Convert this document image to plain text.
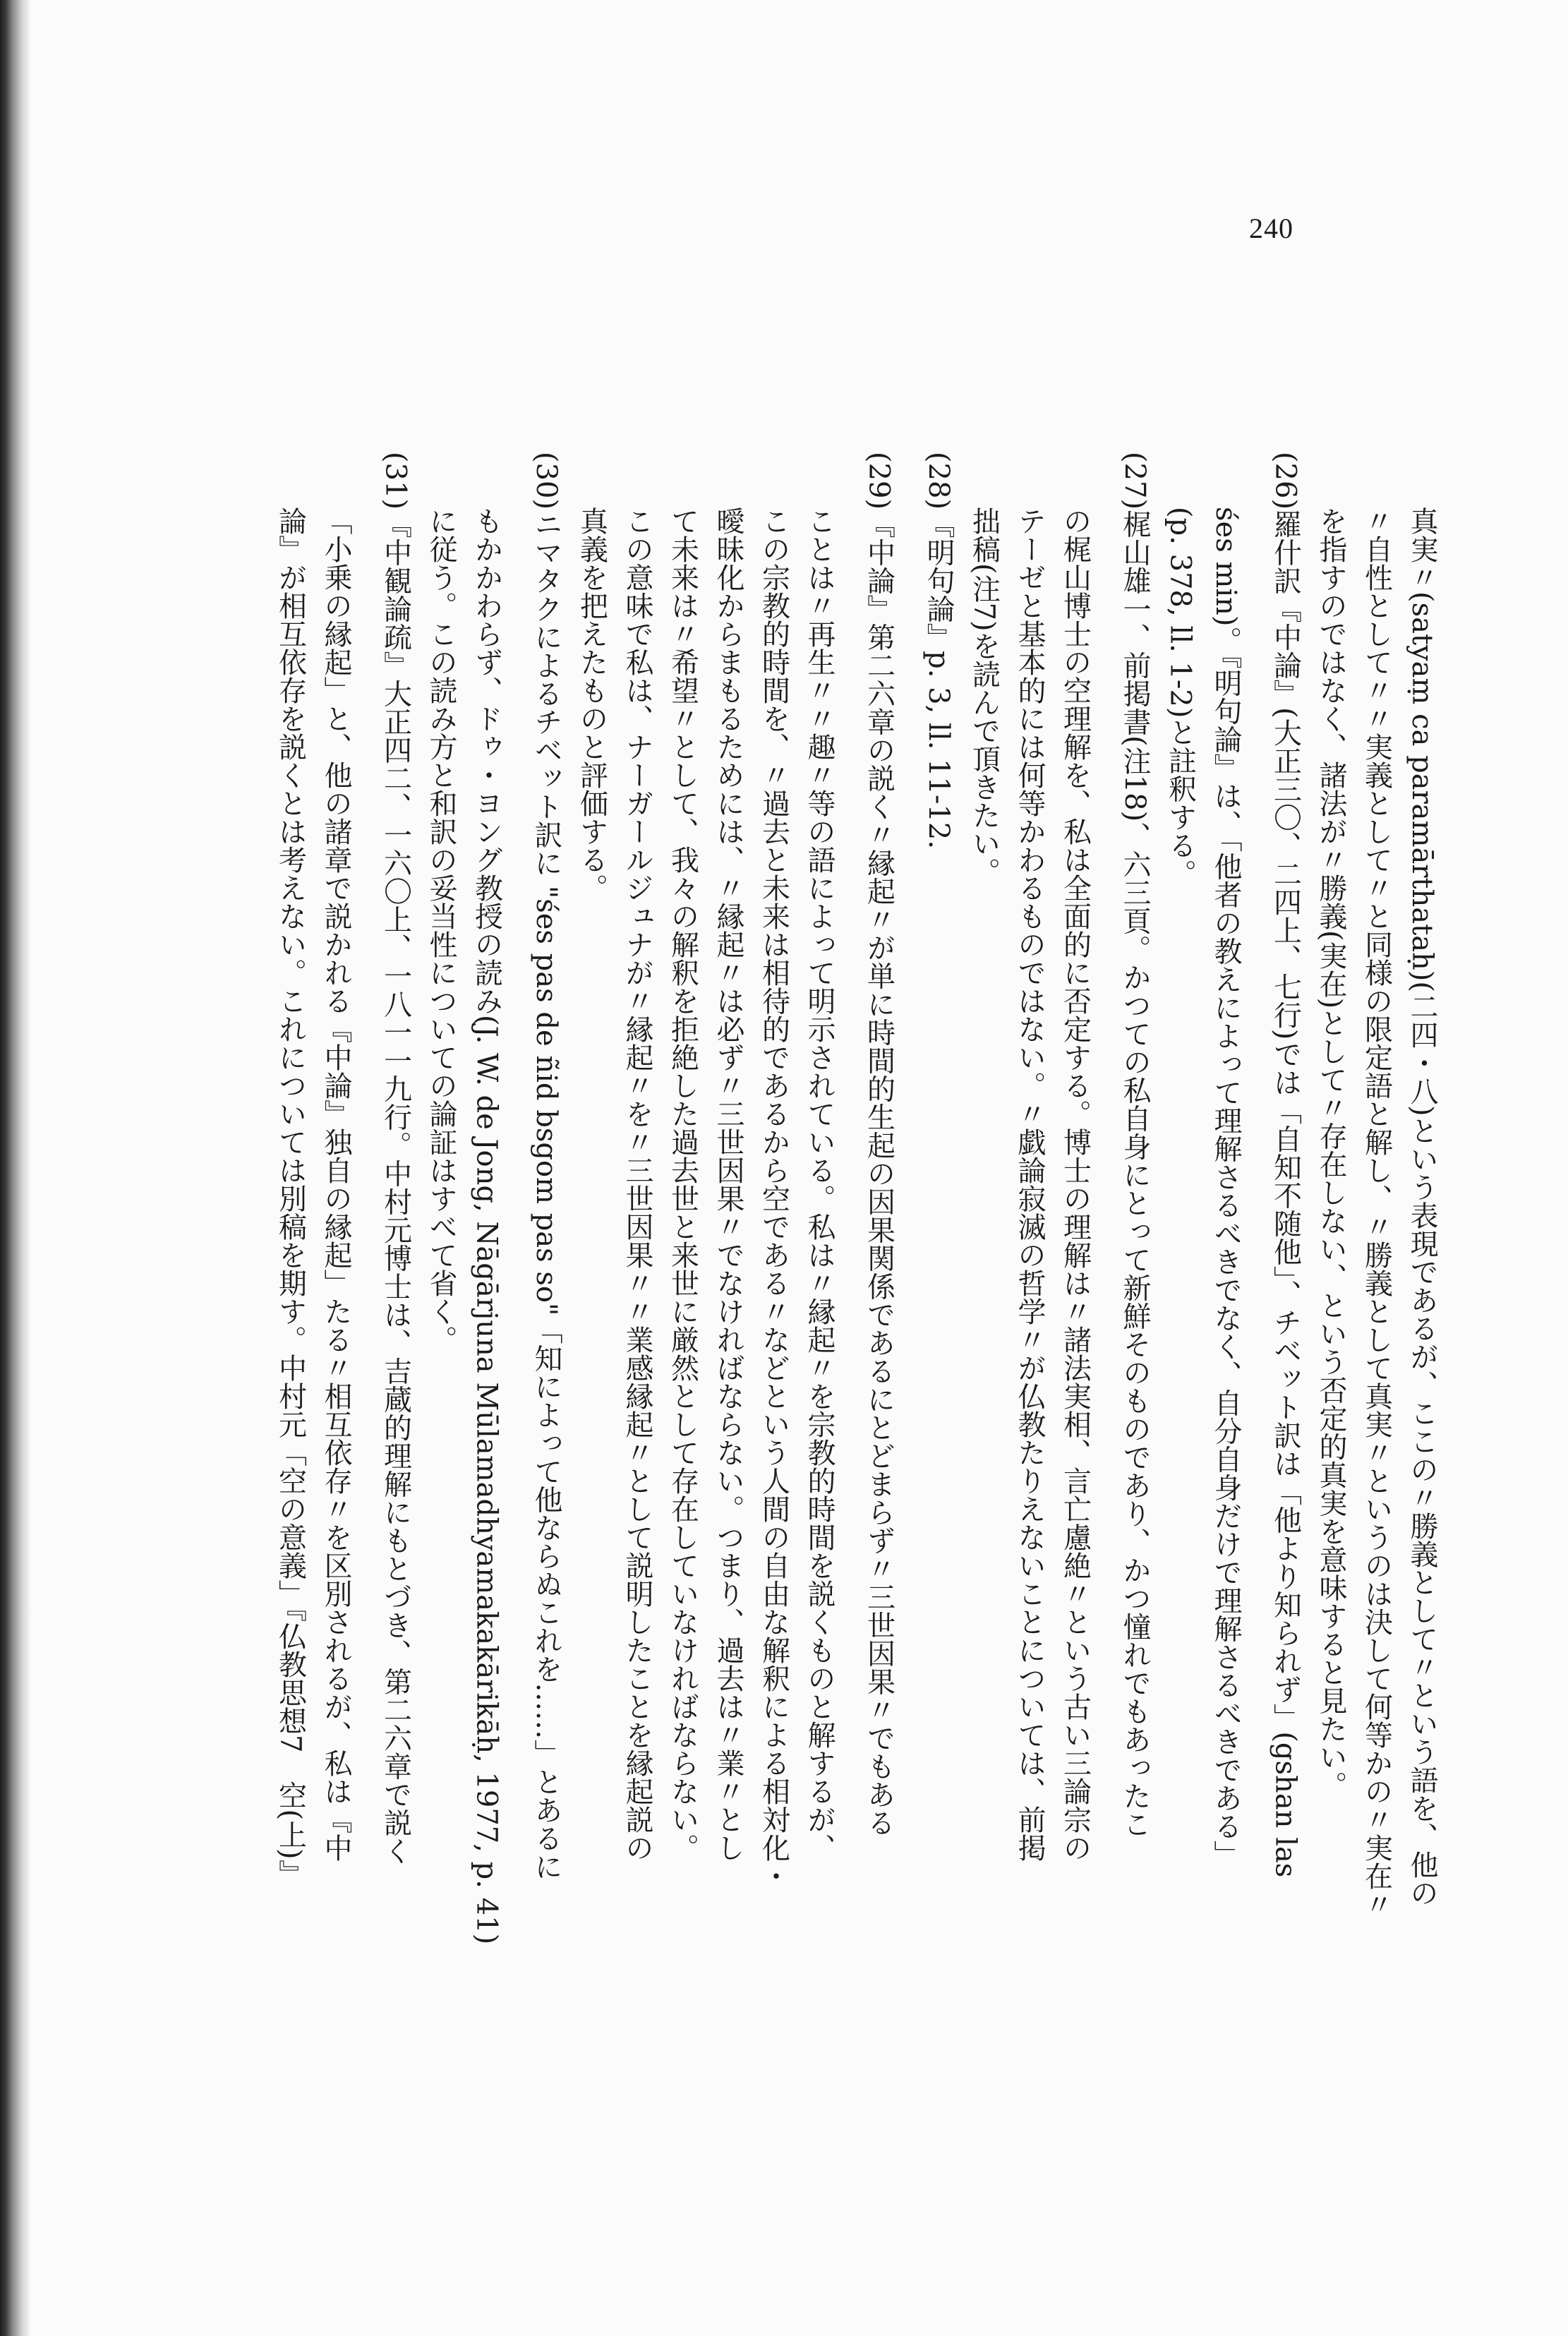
240
真実〃(satyaṃ ca paramārthataḥ)(二四・八)という表現であるが、ここの〃勝義として〃という語を、他の
〃自性として〃〃実義として〃と同様の限定語と解し、〃勝義として真実〃というのは決して何等かの〃実在〃
を指すのではなく、諸法が〃勝義(実在)として〃存在しない、という否定的真実を意味すると見たい。
(26)羅什訳『中論』(大正三〇、二四上、七行)では「自知不随他」、チベット訳は「他より知られず」(gshan las
śes min)。『明句論』は、「他者の教えによって理解さるべきでなく、自分自身だけで理解さるべきである」
(p. 378, ll. 1-2)と註釈する。
(27)梶山雄一、前掲書(注18)、六三頁。かつての私自身にとって新鮮そのものであり、かつ憧れでもあったこ
の梶山博士の空理解を、私は全面的に否定する。博士の理解は〃諸法実相、言亡慮絶〃という古い三論宗の
テーゼと基本的には何等かわるものではない。〃戯論寂滅の哲学〃が仏教たりえないことについては、前掲
拙稿(注7)を読んで頂きたい。
(28)『明句論』p. 3, ll. 11-12.
(29)『中論』第二六章の説く〃縁起〃が単に時間的生起の因果関係であるにとどまらず〃三世因果〃でもある
ことは〃再生〃〃趣〃等の語によって明示されている。私は〃縁起〃を宗教的時間を説くものと解するが、
この宗教的時間を、〃過去と未来は相待的であるから空である〃などという人間の自由な解釈による相対化・
曖昧化からまもるためには、〃縁起〃は必ず〃三世因果〃でなければならない。つまり、過去は〃業〃とし
て未来は〃希望〃として、我々の解釈を拒絶した過去世と来世に厳然として存在していなければならない。
この意味で私は、ナーガールジュナが〃縁起〃を〃三世因果〃〃業感縁起〃として説明したことを縁起説の
真義を把えたものと評価する。
(30)ニマタクによるチベット訳に "śes pas de ñid bsgom pas so"「知によって他ならぬこれを……」とあるに
もかかわらず、ドゥ・ヨング教授の読み(J. W. de Jong, Nāgārjuna Mūlamadhyamakakārikāḥ, 1977, p. 41)
に従う。この読み方と和訳の妥当性についての論証はすべて省く。
(31)『中観論疏』大正四二、一六〇上、一八一一九行。中村元博士は、吉蔵的理解にもとづき、第二六章で説く
「小乗の縁起」と、他の諸章で説かれる『中論』独自の縁起」たる〃相互依存〃を区別されるが、私は『中
論』が相互依存を説くとは考えない。これについては別稿を期す。中村元「空の意義」『仏教思想7　空(上)』
